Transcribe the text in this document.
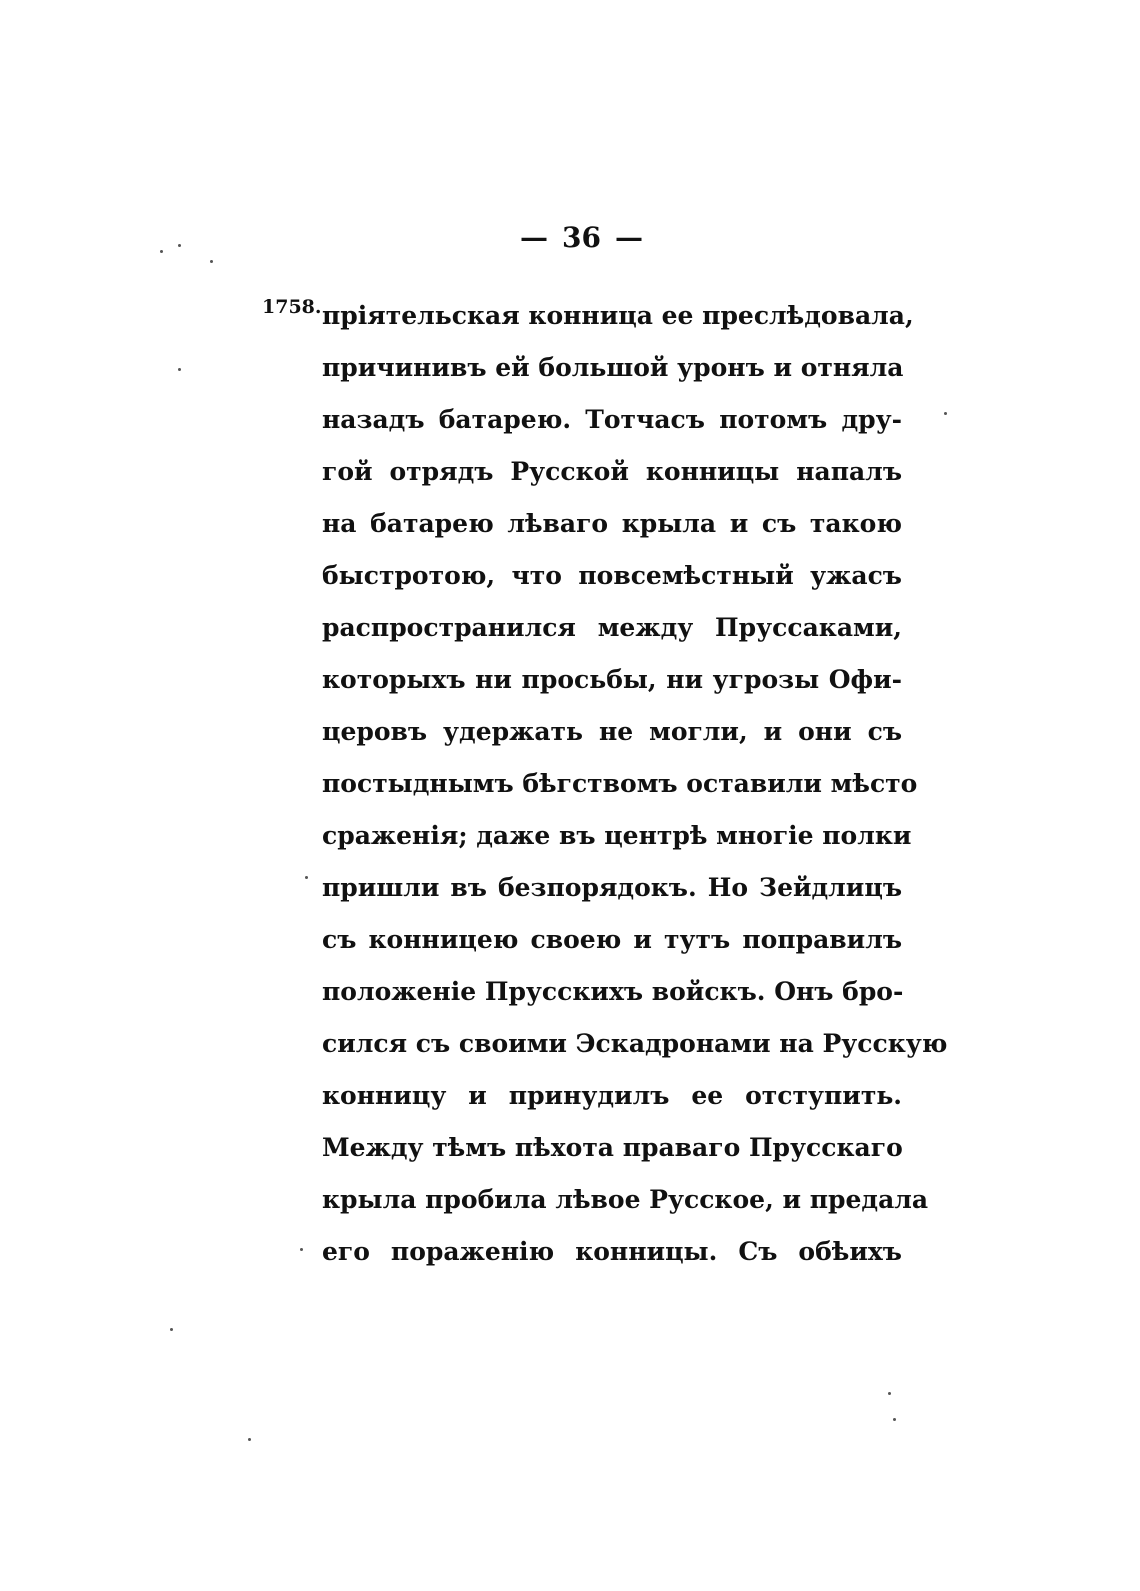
— 36 —
1758. пріятельская конница ее преслѣдовала,
причинивъ ей большой уронъ и отняла
назадъ батарею. Тотчасъ потомъ дру-
гой отрядъ Русской конницы напалъ
на батарею лѣваго крыла и съ такою
быстротою, что повсемѣстный ужасъ
распространился между Пруссаками,
которыхъ ни просьбы, ни угрозы Офи-
церовъ удержать не могли, и они съ
постыднымъ бѣгствомъ оставили мѣсто
сраженія; даже въ центрѣ многіе полки
пришли въ безпорядокъ. Но Зейдлицъ
съ конницею своею и тутъ поправилъ
положеніе Прусскихъ войскъ. Онъ бро-
сился съ своими Эскадронами на Русскую
конницу и принудилъ ее отступить.
Между тѣмъ пѣхота праваго Прусскаго
крыла пробила лѣвое Русское, и предала
его пораженію конницы. Съ обѣихъ
